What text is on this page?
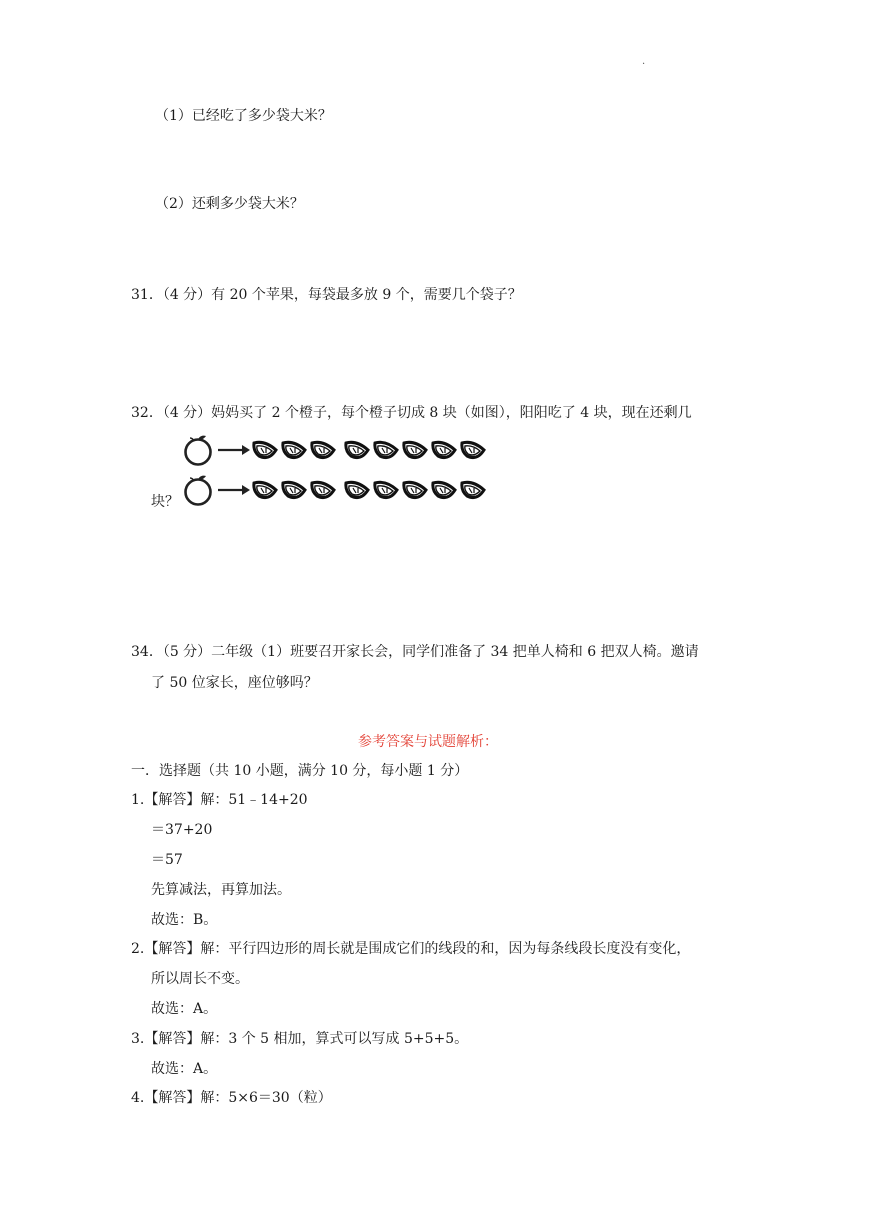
.
（1）已经吃了多少袋大米？
（2）还剩多少袋大米？
31．（4 分）有 20 个苹果，每袋最多放 9 个，需要几个袋子？
32．（4 分）妈妈买了 2 个橙子，每个橙子切成 8 块（如图），阳阳吃了 4 块，现在还剩几
块？
34．（5 分）二年级（1）班要召开家长会，同学们准备了 34 把单人椅和 6 把双人椅。邀请
了 50 位家长，座位够吗？
参考答案与试题解析：
一．选择题（共 10 小题，满分 10 分，每小题 1 分）
1.【解答】解：51﹣14+20
＝37+20
＝57
先算减法，再算加法。
故选：B。
2.【解答】解：平行四边形的周长就是围成它们的线段的和，因为每条线段长度没有变化，
所以周长不变。
故选：A。
3.【解答】解：3 个 5 相加，算式可以写成 5+5+5。
故选：A。
4.【解答】解：5×6＝30（粒）
